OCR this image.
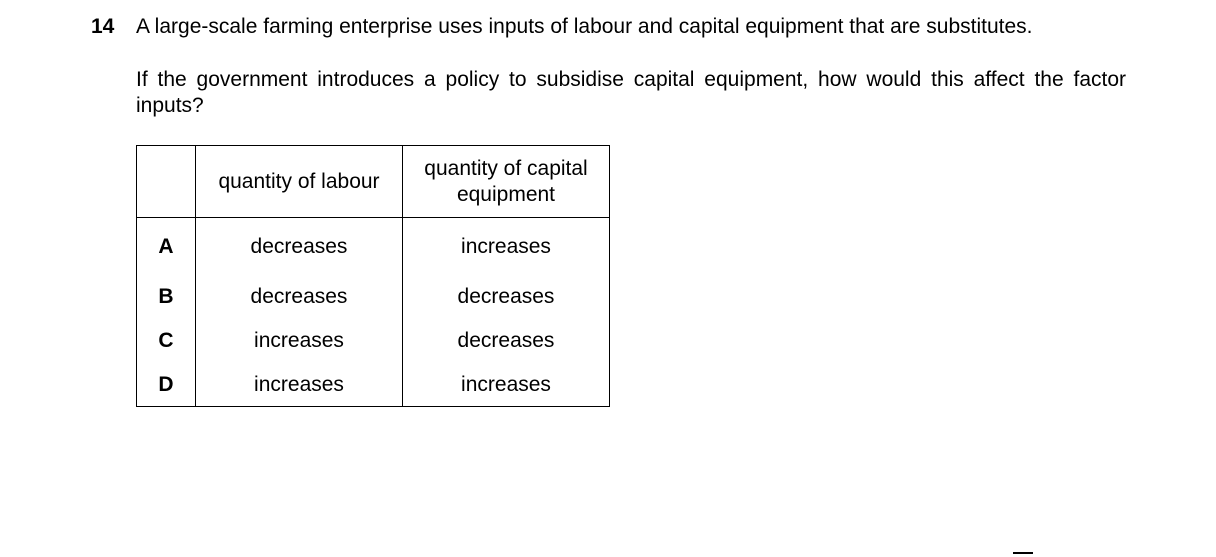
14 A large-scale farming enterprise uses inputs of labour and capital equipment that are substitutes.
If the government introduces a policy to subsidise capital equipment, how would this affect the factor inputs?
	quantity of labour	quantity of capital equipment
A	decreases	increases
B	decreases	decreases
C	increases	decreases
D	increases	increases
